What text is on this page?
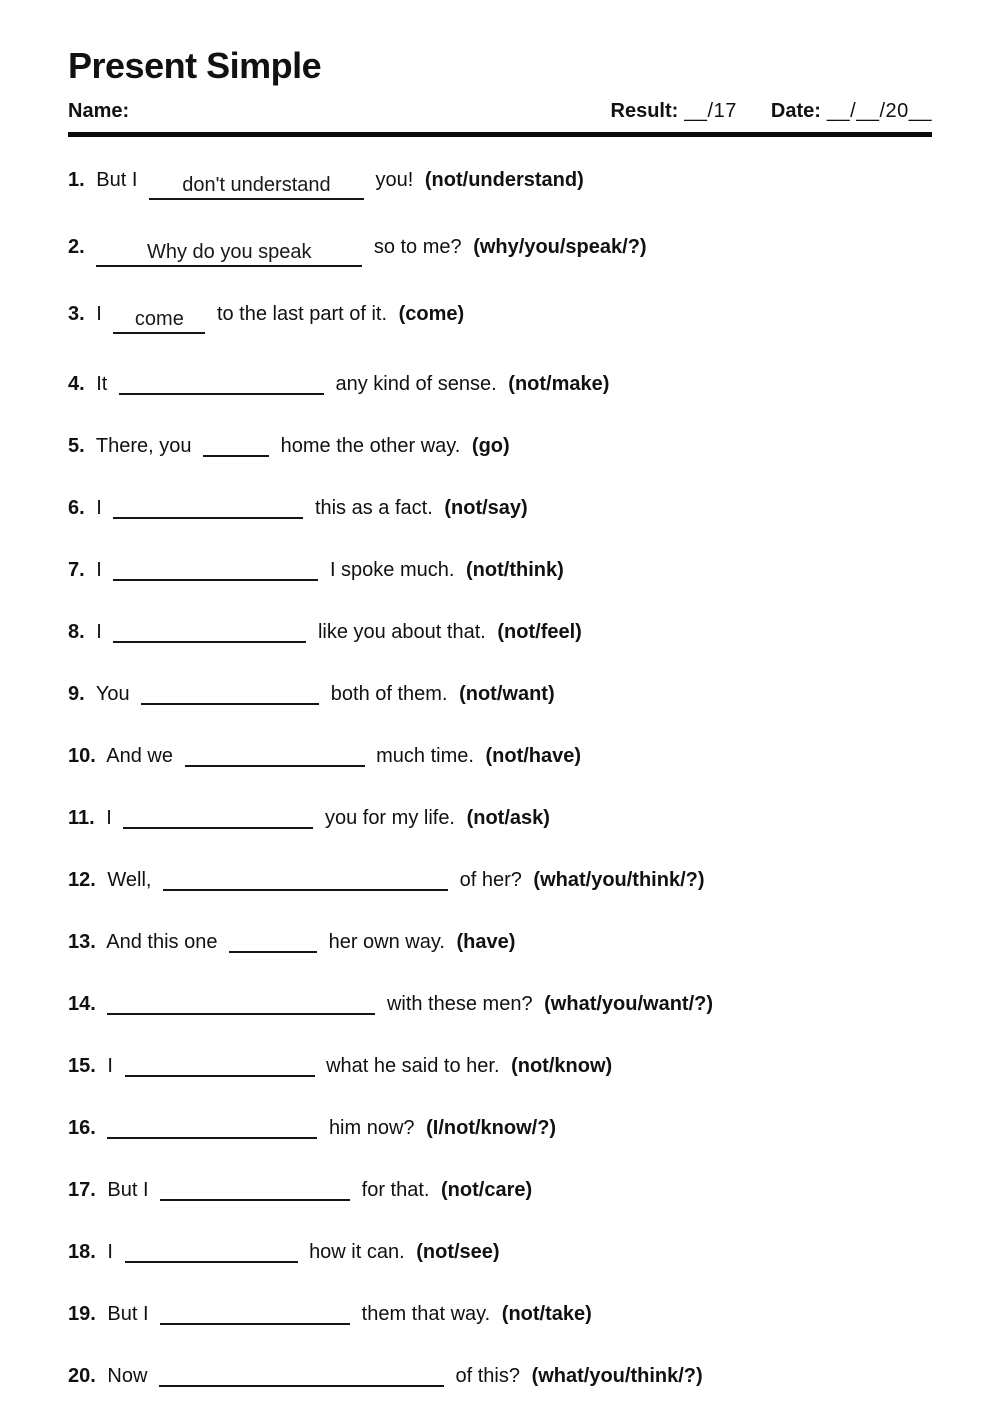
Present Simple
Name:	Result: __/17 Date: __/__/20__
1. But I	don't understand	you! (not/understand)
2.	Why do you speak	so to me? (why/you/speak/?)
3. I	come	to the last part of it. (come)
4. It	any kind of sense. (not/make)
5. There, you	home the other way. (go)
6. I	this as a fact. (not/say)
7. I	I spoke much. (not/think)
8. I	like you about that. (not/feel)
9. You	both of them. (not/want)
10. And we	much time. (not/have)
11. I	you for my life. (not/ask)
12. Well,	of her? (what/you/think/?)
13. And this one	her own way. (have)
14.	with these men? (what/you/want/?)
15. I	what he said to her. (not/know)
16.	him now? (I/not/know/?)
17. But I	for that. (not/care)
18. I	how it can. (not/see)
19. But I	them that way. (not/take)
20. Now	of this? (what/you/think/?)
